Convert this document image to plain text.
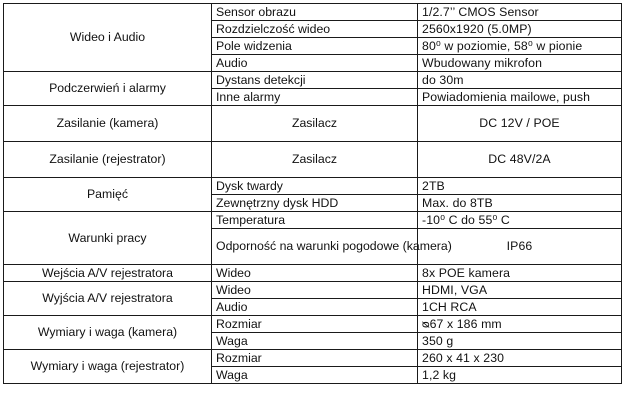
Wideo i Audio	Sensor obrazu	1/2.7’’ CMOS Sensor
	Rozdzielczość wideo	2560x1920 (5.0MP)
	Pole widzenia	80⁰ w poziomie, 58⁰ w pionie
	Audio	Wbudowany mikrofon
Podczerwień i alarmy	Dystans detekcji	do 30m
	Inne alarmy	Powiadomienia mailowe, push
Zasilanie (kamera)	Zasilacz	DC 12V / POE
Zasilanie (rejestrator)	Zasilacz	DC 48V/2A
Pamięć	Dysk twardy	2TB
	Zewnętrzny dysk HDD	Max. do 8TB
Warunki pracy	Temperatura	-10⁰ C do 55⁰ C
	Odporność na warunki pogodowe (kamera)	IP66
Wejścia A/V rejestratora	Wideo	8x POE kamera
Wyjścia A/V rejestratora	Wideo	HDMI, VGA
	Audio	1CH RCA
Wymiary i waga (kamera)	Rozmiar	ᴓ67 x 186 mm
	Waga	350 g
Wymiary i waga (rejestrator)	Rozmiar	260 x 41 x 230
	Waga	1,2 kg
